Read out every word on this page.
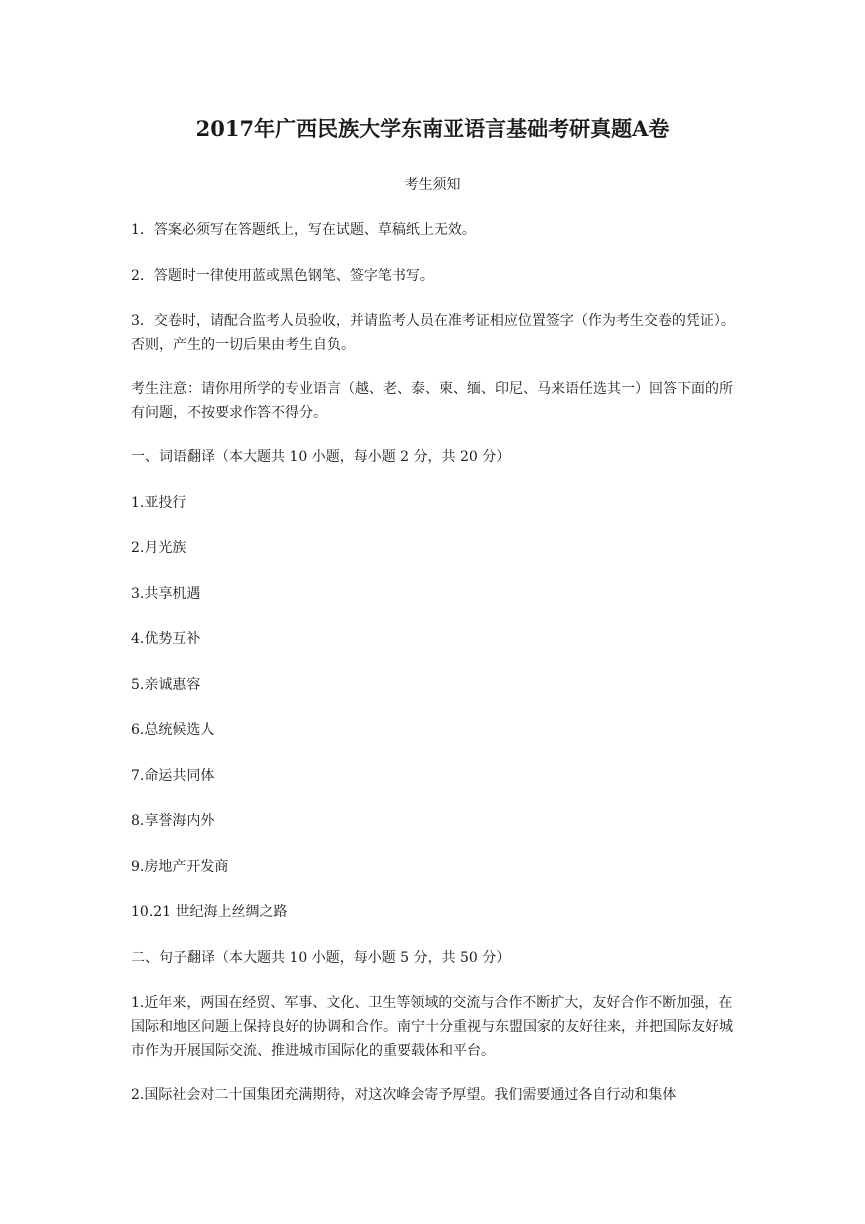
2017年广西民族大学东南亚语言基础考研真题A卷
考生须知

1．答案必须写在答题纸上，写在试题、草稿纸上无效。

2．答题时一律使用蓝或黑色钢笔、签字笔书写。

3．交卷时，请配合监考人员验收，并请监考人员在准考证相应位置签字（作为考生交卷的凭证）。否则，产生的一切后果由考生自负。

考生注意：请你用所学的专业语言（越、老、泰、柬、缅、印尼、马来语任选其一）回答下面的所有问题，不按要求作答不得分。

一、词语翻译（本大题共 10 小题，每小题 2 分，共 20 分）

1.亚投行

2.月光族

3.共享机遇

4.优势互补

5.亲诚惠容

6.总统候选人

7.命运共同体

8.享誉海内外

9.房地产开发商

10.21 世纪海上丝绸之路

二、句子翻译（本大题共 10 小题，每小题 5 分，共 50 分）

1.近年来，两国在经贸、军事、文化、卫生等领域的交流与合作不断扩大，友好合作不断加强，在国际和地区问题上保持良好的协调和合作。南宁十分重视与东盟国家的友好往来，并把国际友好城市作为开展国际交流、推进城市国际化的重要载体和平台。

2.国际社会对二十国集团充满期待，对这次峰会寄予厚望。我们需要通过各自行动和集体
